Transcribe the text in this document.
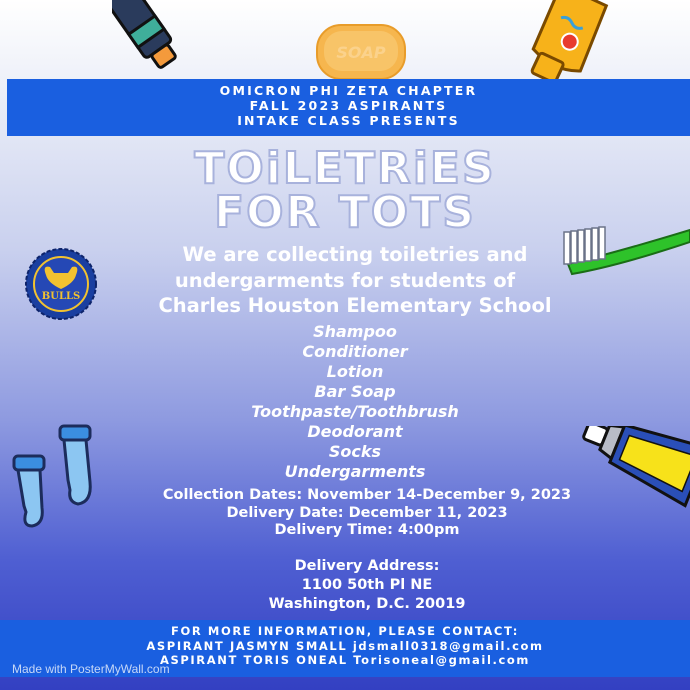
SOAP
OMICRON PHI ZETA CHAPTER
FALL 2023 ASPIRANTS
INTAKE CLASS PRESENTS
TOiLETRiES
FOR TOTS
We are collecting toiletries and
undergarments for students of
Charles Houston Elementary School
BULLS
Shampoo
Conditioner
Lotion
Bar Soap
Toothpaste/Toothbrush
Deodorant
Socks
Undergarments
Collection Dates: November 14-December 9, 2023
Delivery Date: December 11, 2023
Delivery Time: 4:00pm
Delivery Address:
1100 50th Pl NE
Washington, D.C. 20019
FOR MORE INFORMATION, PLEASE CONTACT:
ASPIRANT JASMYN SMALL jdsmall0318@gmail.com
ASPIRANT TORIS ONEAL Torisoneal@gmail.com
Made with PosterMyWall.com
